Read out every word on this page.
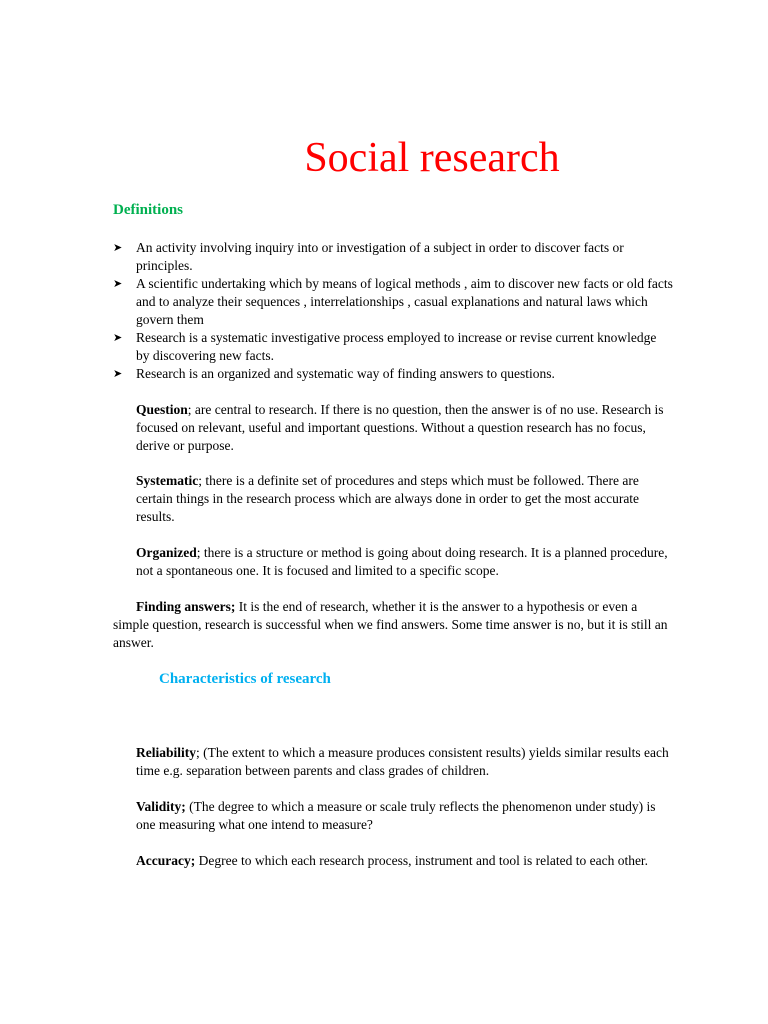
Social research
Definitions
➤	An activity involving inquiry into or investigation of a subject in order to discover facts or principles.
➤	A scientific undertaking which by means of logical methods , aim to discover new facts or old facts and to analyze their sequences , interrelationships , casual explanations and natural laws which govern them
➤	Research is a systematic investigative process employed to increase or revise current knowledge by discovering new facts.
➤	Research is an organized and systematic way of finding answers to questions.
Question; are central to research. If there is no question, then the answer is of no use. Research is focused on relevant, useful and important questions. Without a question research has no focus, derive or purpose.
Systematic; there is a definite set of procedures and steps which must be followed. There are certain things in the research process which are always done in order to get the most accurate results.
Organized; there is a structure or method is going about doing research. It is a planned procedure, not a spontaneous one. It is focused and limited to a specific scope.
Finding answers; It is the end of research, whether it is the answer to a hypothesis or even a simple question, research is successful when we find answers. Some time answer is no, but it is still an answer.
Characteristics of research
Reliability; (The extent to which a measure produces consistent results) yields similar results each time e.g. separation between parents and class grades of children.
Validity; (The degree to which a measure or scale truly reflects the phenomenon under study) is one measuring what one intend to measure?
Accuracy; Degree to which each research process, instrument and tool is related to each other.
